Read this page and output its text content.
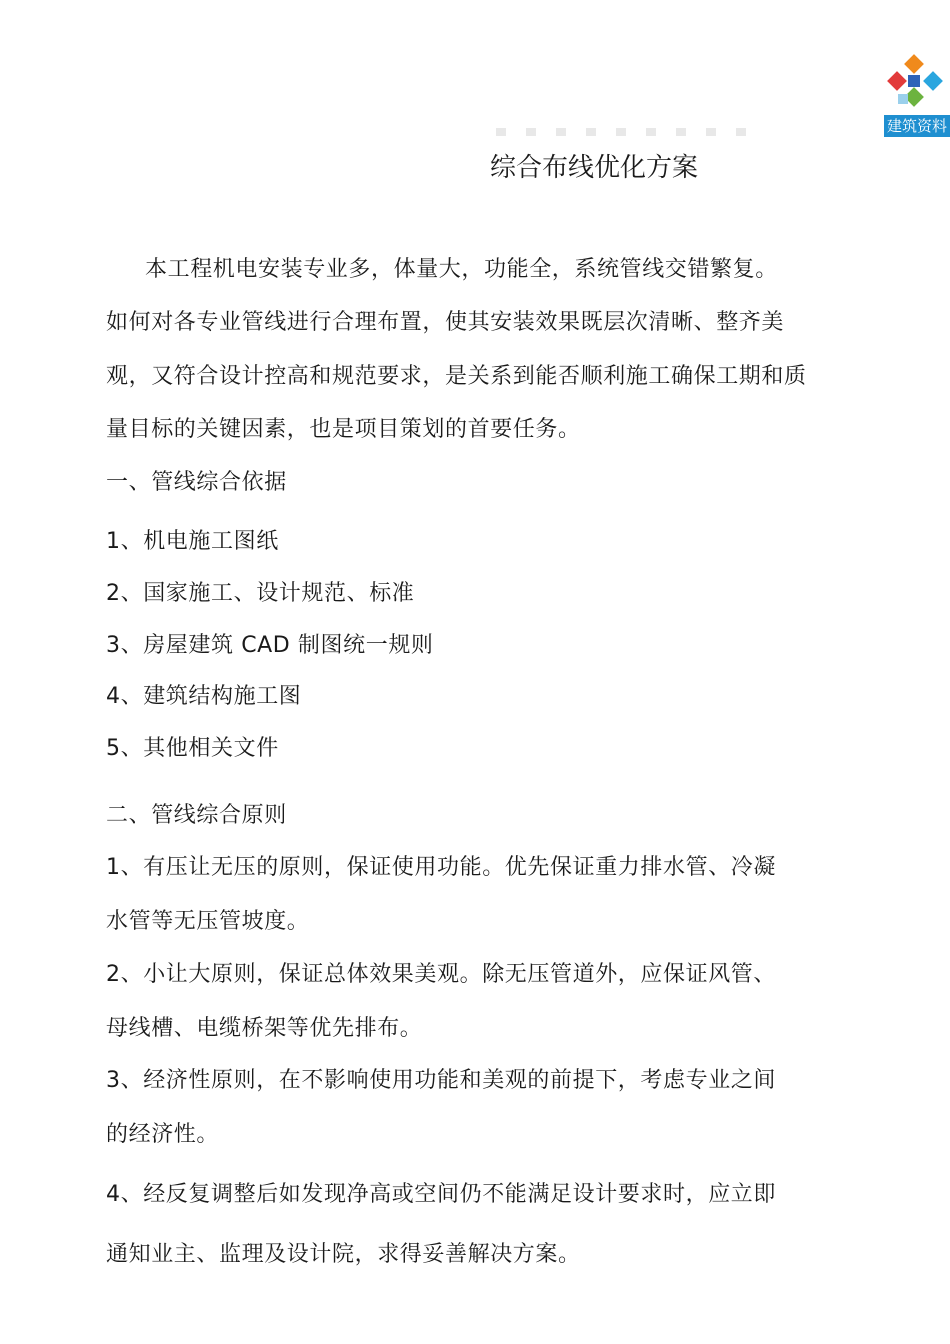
建筑资料
综合布线优化方案
本工程机电安装专业多，体量大，功能全，系统管线交错繁复。
如何对各专业管线进行合理布置，使其安装效果既层次清晰、整齐美
观，又符合设计控高和规范要求，是关系到能否顺利施工确保工期和质
量目标的关键因素，也是项目策划的首要任务。
一、管线综合依据
1、机电施工图纸
2、国家施工、设计规范、标准
3、房屋建筑 CAD 制图统一规则
4、建筑结构施工图
5、其他相关文件
二、管线综合原则
1、有压让无压的原则，保证使用功能。优先保证重力排水管、冷凝
水管等无压管坡度。
2、小让大原则，保证总体效果美观。除无压管道外，应保证风管、
母线槽、电缆桥架等优先排布。
3、经济性原则，在不影响使用功能和美观的前提下，考虑专业之间
的经济性。
4、经反复调整后如发现净高或空间仍不能满足设计要求时，应立即
通知业主、监理及设计院，求得妥善解决方案。
